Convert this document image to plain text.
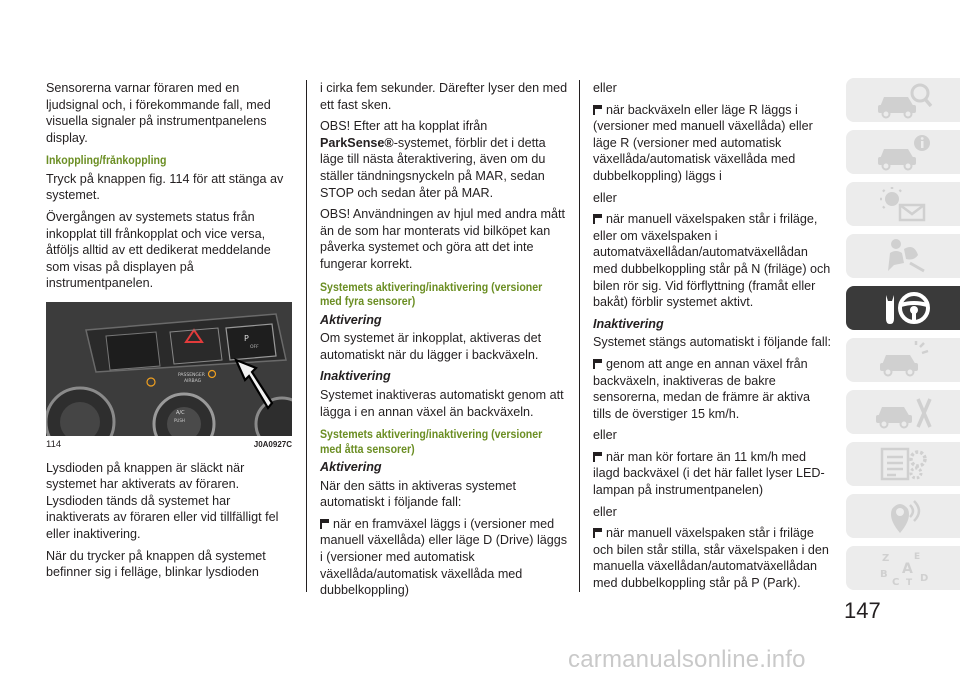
Sensorerna varnar föraren med en ljudsignal och, i förekommande fall, med visuella signaler på instrumentpanelens display.

Inkoppling/frånkoppling

Tryck på knappen fig. 114 för att stänga av systemet.

Övergången av systemets status från inkopplat till frånkopplat och vice versa, åtföljs alltid av ett dedikerat meddelande som visas på displayen på instrumentpanelen.

P
OFF
PASSENGER
AIRBAG
A/C
PUSH
114	J0A0927C

Lysdioden på knappen är släckt när systemet har aktiverats av föraren. Lysdioden tänds då systemet har inaktiverats av föraren eller vid tillfälligt fel eller inaktivering.

När du trycker på knappen då systemet befinner sig i felläge, blinkar lysdioden

i cirka fem sekunder. Därefter lyser den med ett fast sken.

OBS! Efter att ha kopplat ifrån ParkSense®-systemet, förblir det i detta läge till nästa återaktivering, även om du ställer tändningsnyckeln på MAR, sedan STOP och sedan åter på MAR.

OBS! Användningen av hjul med andra mått än de som har monterats vid bilköpet kan påverka systemet och göra att det inte fungerar korrekt.

Systemets aktivering/inaktivering (versioner med fyra sensorer)
Aktivering

Om systemet är inkopplat, aktiveras det automatiskt när du lägger i backväxeln.

Inaktivering

Systemet inaktiveras automatiskt genom att lägga i en annan växel än backväxeln.

Systemets aktivering/inaktivering (versioner med åtta sensorer)
Aktivering

När den sätts in aktiveras systemet automatiskt i följande fall:

när en framväxel läggs i (versioner med manuell växellåda) eller läge D (Drive) läggs i (versioner med automatisk växellåda/automatisk växellåda med dubbelkoppling)

eller

när backväxeln eller läge R läggs i (versioner med manuell växellåda) eller läge R (versioner med automatisk växellåda/automatisk växellåda med dubbelkoppling) läggs i

eller

när manuell växelspaken står i friläge, eller om växelspaken i automatväxellådan/automatväxellådan med dubbelkoppling står på N (friläge) och bilen rör sig. Vid förflyttning (framåt eller bakåt) förblir systemet aktivt.

Inaktivering

Systemet stängs automatiskt i följande fall:

genom att ange en annan växel från backväxeln, inaktiveras de bakre sensorerna, medan de främre är aktiva tills de överstiger 15 km/h.

eller

när man kör fortare än 11 km/h med ilagd backväxel (i det här fallet lyser LED-lampan på instrumentpanelen)

eller

när manuell växelspaken står i friläge och bilen står stilla, står växelspaken i den manuella växellådan/automatväxellådan med dubbelkoppling står på P (Park).

Z	E
B A
C D
T
147
carmanualsonline.info
